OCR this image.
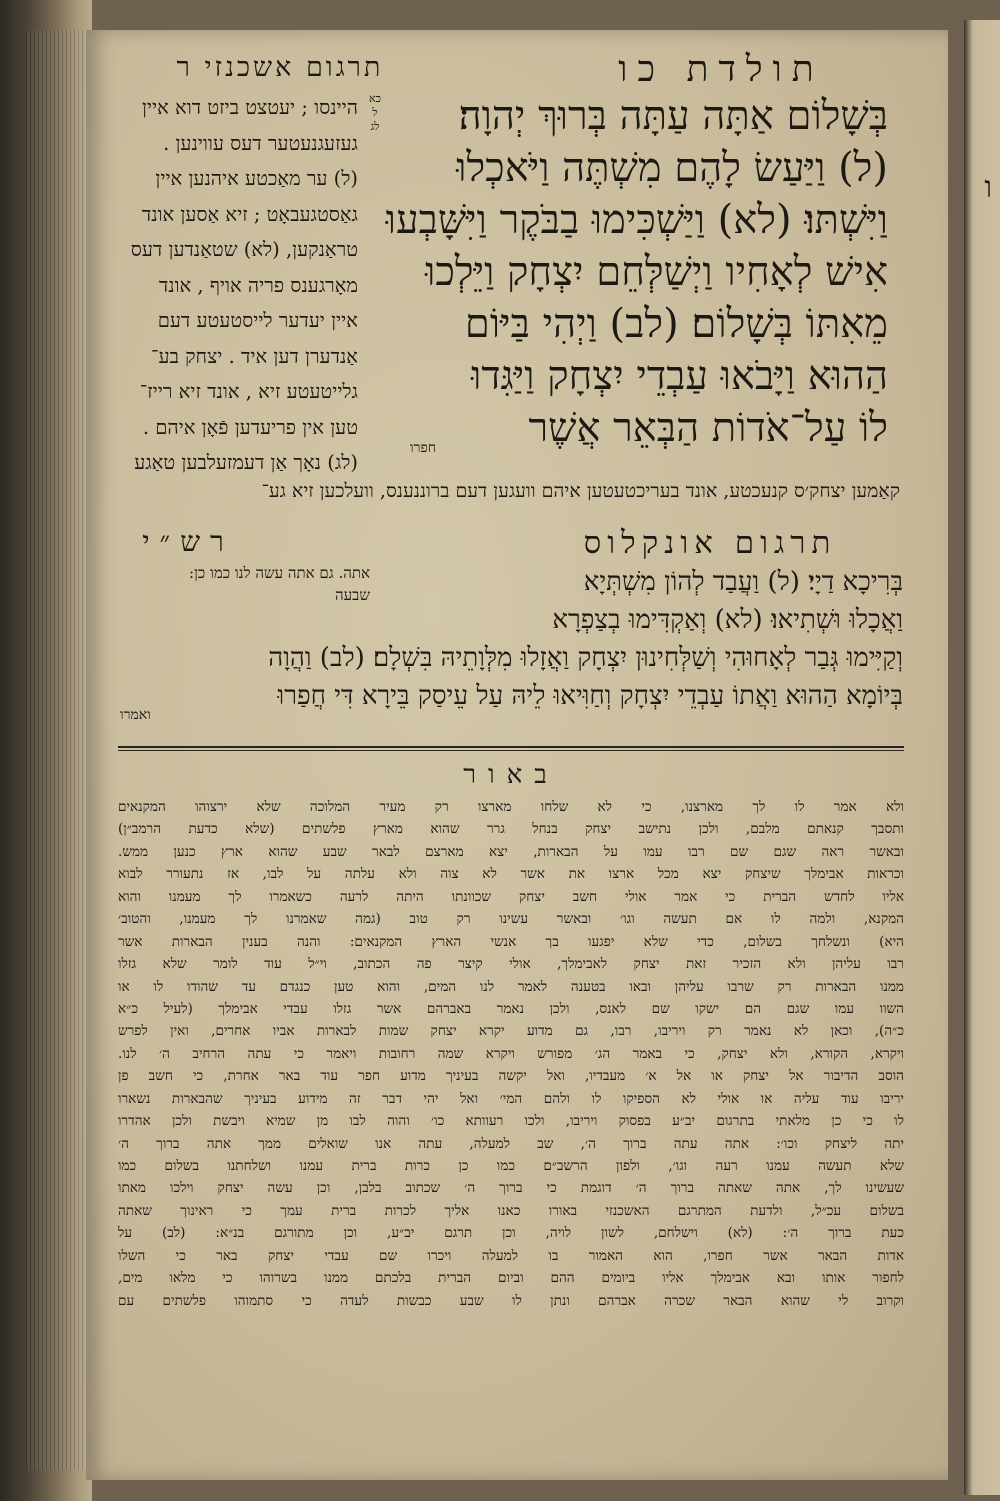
ו
תרגום אשכנזי ר	תולדת כו
היינסו ; יעטצט ביזט דוא איין
געזעגנעטער דעס עווינען .
(ל) ער מאַכטע איהנען איין
גאַסטגעבאָט ; זיא אַסען אונד
טראַנקען, (לא) שטאַנדען דעס
מאָרגענס פריה אויף , אונד
איין יעדער לייסטעטע דעם
אַנדערן דען איד . יצחק בע־
גלייטעטע זיא , אונד זיא רייז־
טען אין פריעדען פֿאָן איהם .
(לג) נאָך אַן דעמזעלבען טאַגע
כא
ל
לג	בְּשָׁלוֹם אַתָּה עַתָּה בְּרוּךְ יְהוָה׃
(ל) וַיַּעַשׂ לָהֶם מִשְׁתֶּה וַיֹּאכְלוּ
וַיִּשְׁתּוּ׃ (לא) וַיַּשְׁכִּימוּ בַבֹּקֶר וַיִּשָּׁבְעוּ
אִישׁ לְאָחִיו וַיְשַׁלְּחֵם יִצְחָק וַיֵּלְכוּ
מֵאִתּוֹ בְּשָׁלוֹם׃ (לב) וַיְהִי בַּיּוֹם
הַהוּא וַיָּבֹאוּ עַבְדֵי יִצְחָק וַיַּגִּדוּ
לוֹ עַל־אֹדוֹת הַבְּאֵר אֲשֶׁר
חפרו
קאַמען יצחק׳ס קנעכטע, אונד בעריכטעטען איהם וועגען דעם ברוננענס, וועלכען זיא גע־
רש״י	תרגום אונקלוס
אתה. גם אתה עשה לנו כמו כן:
שבעה	בְּרִיכָא דַיָי׃ (ל) וַעֲבַד לְהוֹן מִשְׁתְּיָא
וַאֲכָלוּ וּשְׁתִיאוּ׃ (לא) וְאַקְדִּימוּ בְצַפְרָא
וְקַיִּימוּ גְּבַר לְאָחוּהִי וְשַׁלְּחִינוּן יִצְחָק וַאֲזָלוּ מִלְּוָתֵיהּ בִּשְׁלָם׃ (לב) וַהֲוָה
בְּיוֹמָא הַהוּא וַאֲתוֹ עַבְדֵי יִצְחָק וְחַוִּיאוּ לֵיהּ עַל עֵיסַק בֵּירָא דִּי חֲפַרוּ
ואמרו
באור
ולא אמר לו לך מארצנו, כי לא שלחו מארצו רק מעיר המלוכה שלא ירצוהו המקנאים
ותסבך קנאתם מלבם, ולכן נתישב יצחק בנחל גרר שהוא מארץ פלשתים (שלא כדעת הרמב״ן)
ובאשר ראה שגם שם רבו עמו על הבארות, יצא מארצם לבאר שבע שהוא ארץ כנען ממש.
וכראות אבימלך שיצחק יצא מכל ארצו את אשר לא צוה ולא עלתה על לבו, אז נתעורר לבוא
אליו לחדש הברית כי אמר אולי חשב יצחק שכוונתו היתה לרעה כשאמרו לך מעמנו והוא
המקנא, ולמה לו אם תעשה וגו׳ ובאשר עשינו רק טוב (גמה שאמרנו לך מעמנו, והטוב׳
היא) ונשלחך בשלום, כדי שלא יפגעו בך אנשי הארץ המקנאים: והנה בענין הבארות אשר
רבו עליהן ולא הזכיר זאת יצחק לאבימלך, אולי קיצר פה הכתוב, וי״ל עוד לומר שלא גזלו
ממנו הבארות רק שרבו עליהן ובאו בטענה לאמר לנו המים, והוא טען כנגדם עד שהודו לו או
השוו עמו שגם הם ישקו שם לאנס, ולכן נאמר באברהם אשר גזלו עבדי אבימלך (לעיל כ״א
כ״ה), וכאן לא נאמר רק ויריבו, רבו, גם מדוע יקרא יצחק שמות לבארות אביו אחרים, ואין לפרש
ויקרא, הקורא, ולא יצחק, כי באמר הג׳ מפורש ויקרא שמה רחובות ויאמר כי עתה הרחיב ה׳ לנו.
הוסב הדיבור אל יצחק או אל א׳ מעבדיו, ואל יקשה בעיניך מדוע חפר עוד באר אחרת, כי חשב פן
יריבו עוד עליה או אולי לא הספיקו לו ולהם המי׳ ואל יהי דבר זה מידוע בעיניך שהבארות נשארו
לו כי כן מלאתי בתרגום יב״ע בפסוק ויריבו, ולכו רעוותא כו׳ והוה לבו מן שמיא ויבשת ולכן אהדרו
יתה ליצחק וכו׳: אתה עתה ברוך ה׳, שב למעלה, עתה אנו שואלים ממך אתה ברוך ה׳
שלא תעשה עמנו רעה וגו׳, ולפון הרשב״ם כמו כן כרות ברית עמנו ושלחתנו בשלום כמו
שעשינו לך, אתה שאתה ברוך ה׳ דוגמת כי ברוך ה׳ שכתוב בלבן, וכן עשה יצחק וילכו מאתו
בשלום עכ״ל, ולדעת המתרגם האשכנזי באורו כאנו אליך לכרות ברית עמך כי ראינוך שאתה
כעת ברוך ה׳: (לא) וישלחם, לשון לויה, וכן תרגם יב״ע, וכן מתורגם בנ״א: (לב) על
אדות הבאר אשר חפרו, הוא האמור בו למעלה ויכרו שם עבדי יצחק באר כי השלו
לחפור אותו ובא אבימלך אליו ביומים ההם וביום הברית בלכתם ממנו בשרוהו כי מלאו מים,
וקרוב לי שהוא הבאר שכרה אברהם ונתן לו שבע כבשות לעדה כי סתמוהו פלשתים עם
